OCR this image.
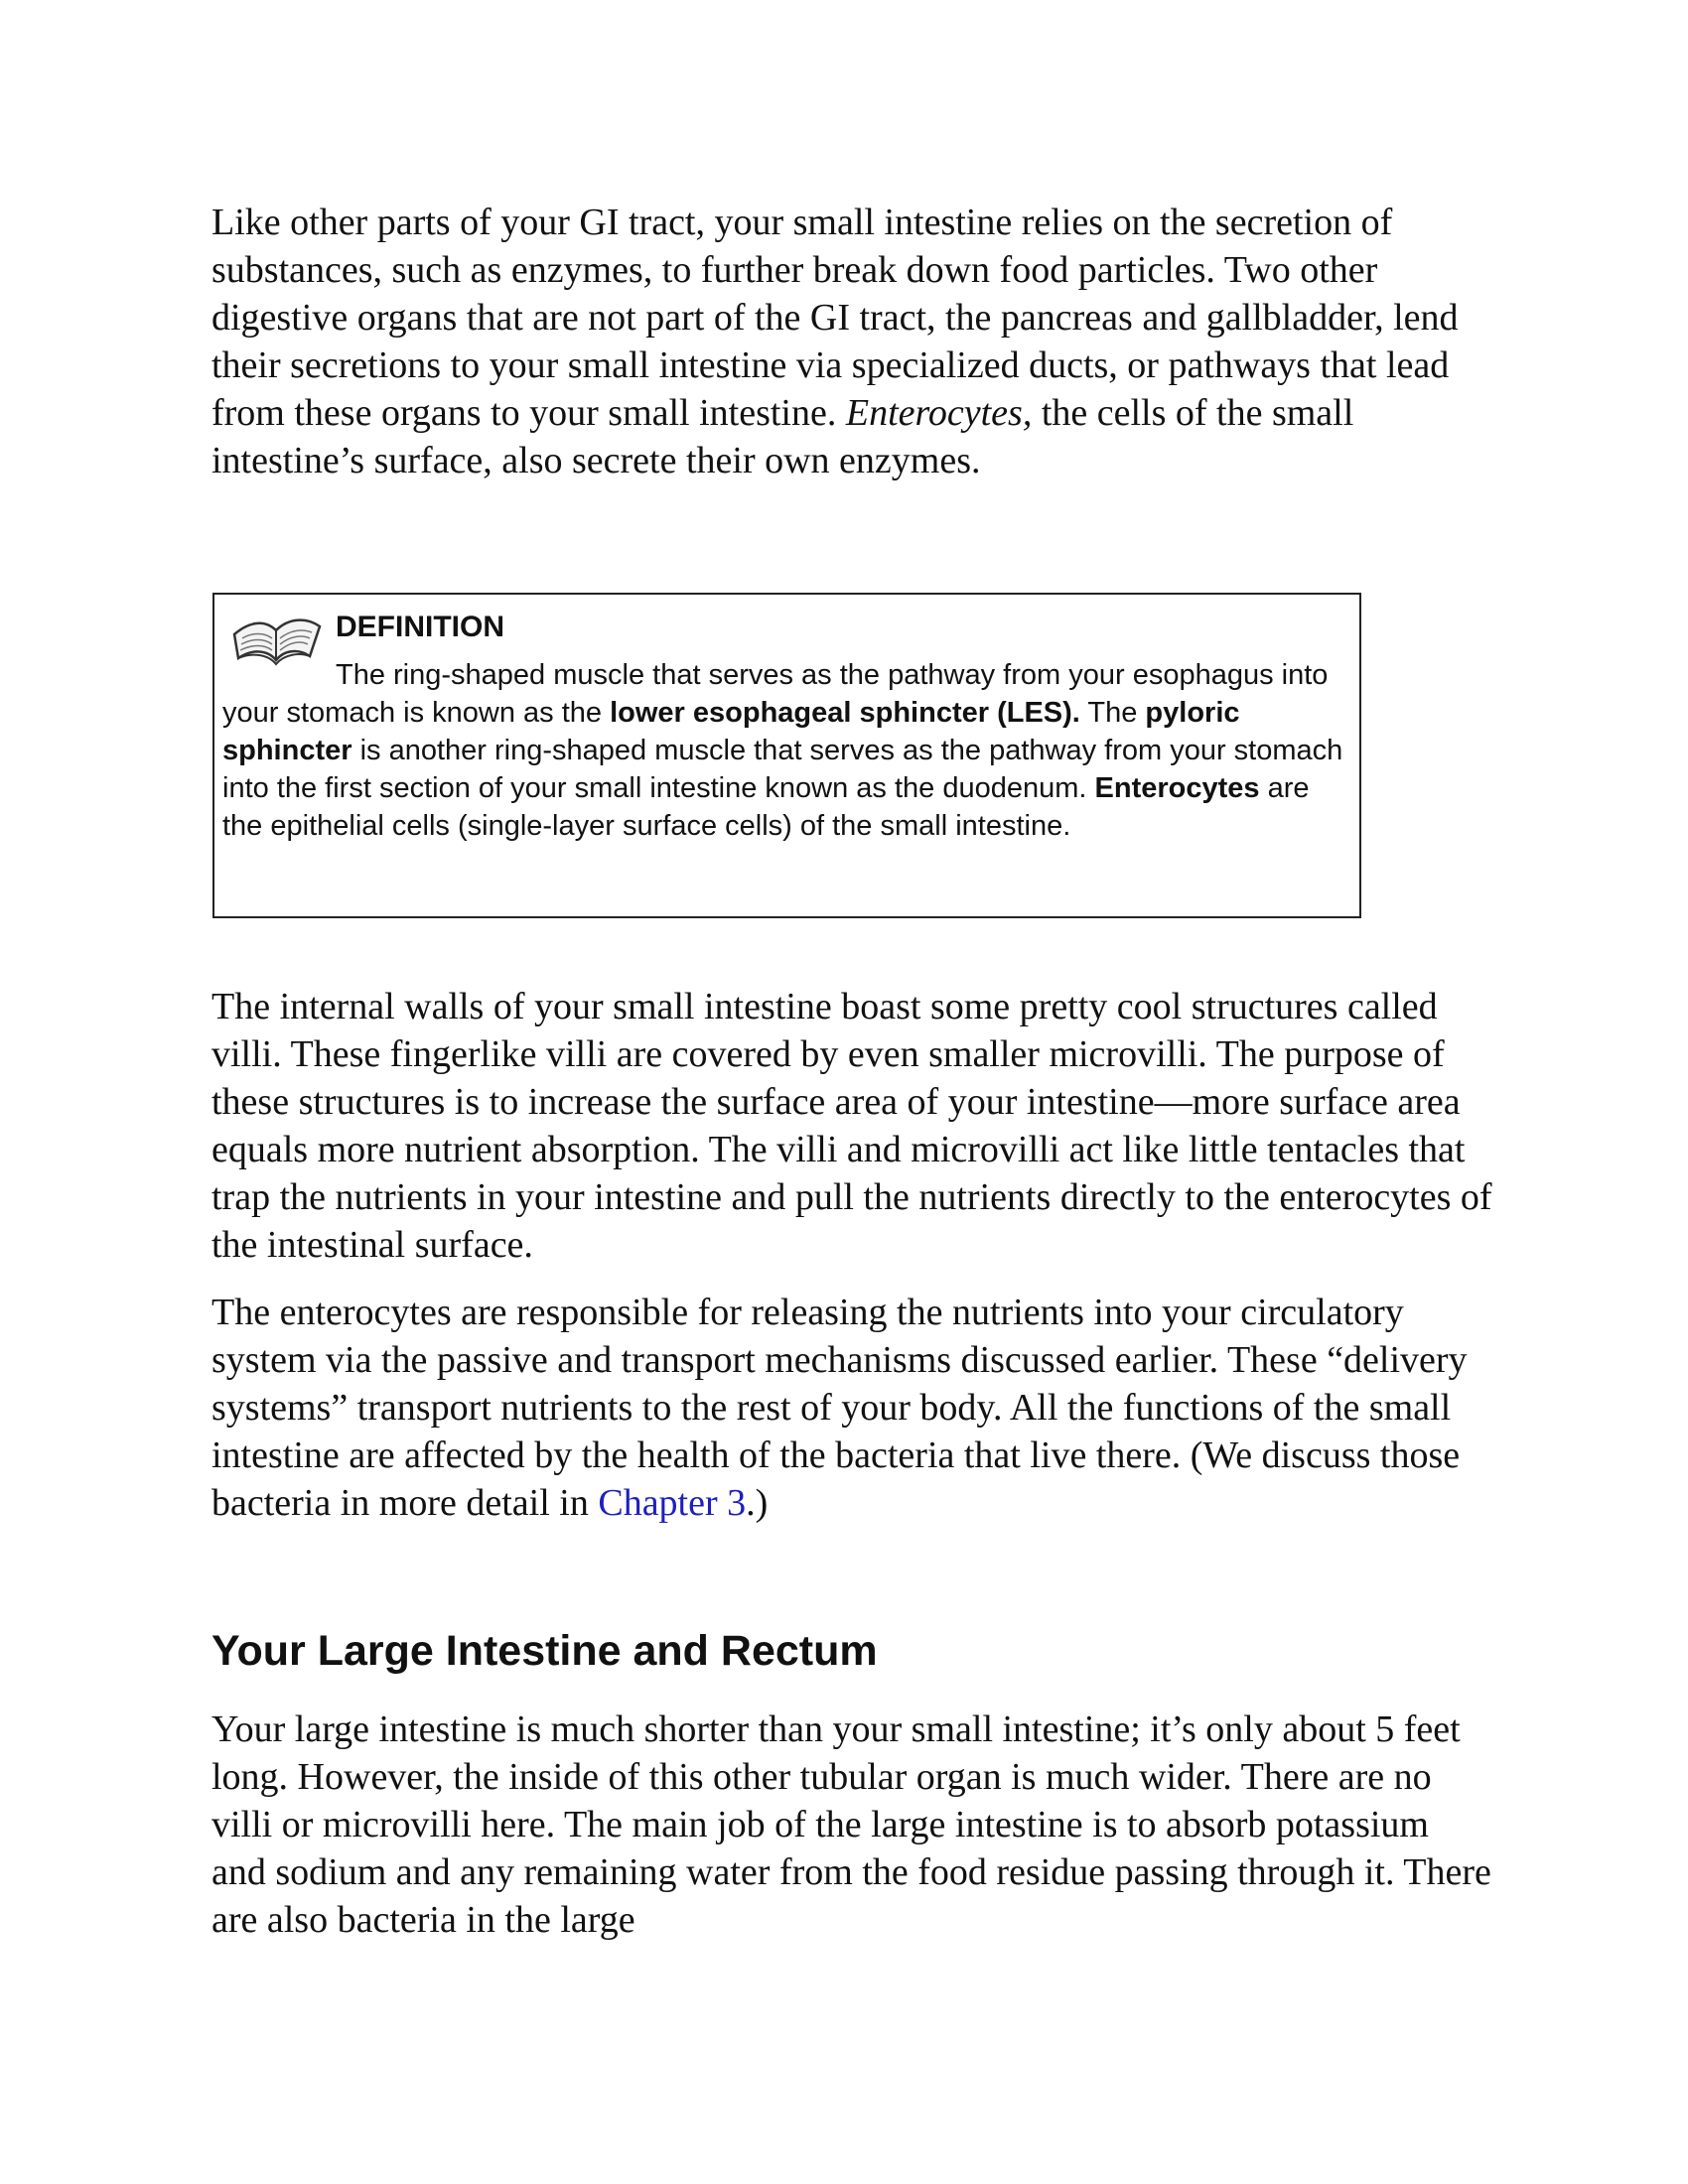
Like other parts of your GI tract, your small intestine relies on the secretion of substances, such as enzymes, to further break down food particles. Two other digestive organs that are not part of the GI tract, the pancreas and gallbladder, lend their secretions to your small intestine via specialized ducts, or pathways that lead from these organs to your small intestine. Enterocytes, the cells of the small intestine’s surface, also secrete their own enzymes.

DEFINITION

The ring-shaped muscle that serves as the pathway from your esophagus into your stomach is known as the lower esophageal sphincter (LES). The pyloric sphincter is another ring-shaped muscle that serves as the pathway from your stomach into the first section of your small intestine known as the duodenum. Enterocytes are the epithelial cells (single-layer surface cells) of the small intestine.

The internal walls of your small intestine boast some pretty cool structures called villi. These fingerlike villi are covered by even smaller microvilli. The purpose of these structures is to increase the surface area of your intestine—more surface area equals more nutrient absorption. The villi and microvilli act like little tentacles that trap the nutrients in your intestine and pull the nutrients directly to the enterocytes of the intestinal surface.

The enterocytes are responsible for releasing the nutrients into your circulatory system via the passive and transport mechanisms discussed earlier. These “delivery systems” transport nutrients to the rest of your body. All the functions of the small intestine are affected by the health of the bacteria that live there. (We discuss those bacteria in more detail in Chapter 3.)

Your Large Intestine and Rectum

Your large intestine is much shorter than your small intestine; it’s only about 5 feet long. However, the inside of this other tubular organ is much wider. There are no villi or microvilli here. The main job of the large intestine is to absorb potassium and sodium and any remaining water from the food residue passing through it. There are also bacteria in the large
